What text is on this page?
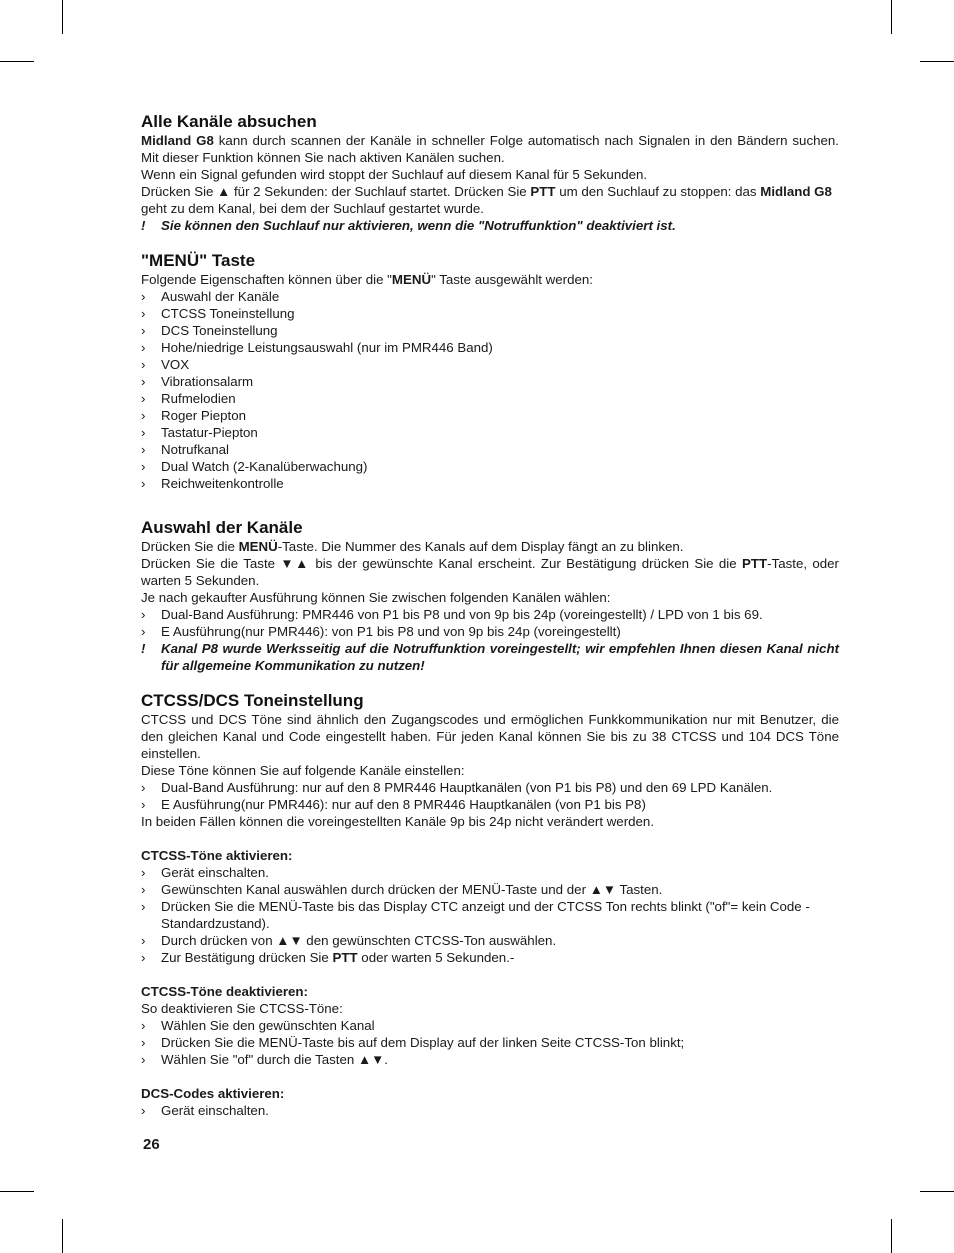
Alle Kanäle absuchen

Midland G8 kann durch scannen der Kanäle in schneller Folge automatisch nach Signalen in den Bändern suchen. Mit dieser Funktion können Sie nach aktiven Kanälen suchen.

Wenn ein Signal gefunden wird stoppt der Suchlauf auf diesem Kanal für 5 Sekunden.

Drücken Sie ▲ für 2 Sekunden: der Suchlauf startet. Drücken Sie PTT um den Suchlauf zu stoppen: das Midland G8 geht zu dem Kanal, bei dem der Suchlauf gestartet wurde.

! Sie können den Suchlauf nur aktivieren, wenn die "Notruffunktion" deaktiviert ist.

"MENÜ" Taste

Folgende Eigenschaften können über die "MENÜ" Taste ausgewählt werden:

› Auswahl der Kanäle
› CTCSS Toneinstellung
› DCS Toneinstellung
› Hohe/niedrige Leistungsauswahl (nur im PMR446 Band)
› VOX
› Vibrationsalarm
› Rufmelodien
› Roger Piepton
› Tastatur-Piepton
› Notrufkanal
› Dual Watch (2-Kanalüberwachung)
› Reichweitenkontrolle
Auswahl der Kanäle

Drücken Sie die MENÜ-Taste. Die Nummer des Kanals auf dem Display fängt an zu blinken.

Drücken Sie die Taste ▼▲ bis der gewünschte Kanal erscheint. Zur Bestätigung drücken Sie die PTT-Taste, oder warten 5 Sekunden.

Je nach gekaufter Ausführung können Sie zwischen folgenden Kanälen wählen:

› Dual-Band Ausführung: PMR446 von P1 bis P8 und von 9p bis 24p (voreingestellt) / LPD von 1 bis 69.
› E Ausführung(nur PMR446): von P1 bis P8 und von 9p bis 24p (voreingestellt)

! Kanal P8 wurde Werksseitig auf die Notruffunktion voreingestellt; wir empfehlen Ihnen diesen Kanal nicht für allgemeine Kommunikation zu nutzen!

CTCSS/DCS Toneinstellung

CTCSS und DCS Töne sind ähnlich den Zugangscodes und ermöglichen Funkkommunikation nur mit Benutzer, die den gleichen Kanal und Code eingestellt haben. Für jeden Kanal können Sie bis zu 38 CTCSS und 104 DCS Töne einstellen.

Diese Töne können Sie auf folgende Kanäle einstellen:

› Dual-Band Ausführung: nur auf den 8 PMR446 Hauptkanälen (von P1 bis P8) und den 69 LPD Kanälen.
› E Ausführung(nur PMR446): nur auf den 8 PMR446 Hauptkanälen (von P1 bis P8)

In beiden Fällen können die voreingestellten Kanäle 9p bis 24p nicht verändert werden.

CTCSS-Töne aktivieren:

› Gerät einschalten.
› Gewünschten Kanal auswählen durch drücken der MENÜ-Taste und der ▲▼ Tasten.
› Drücken Sie die MENÜ-Taste bis das Display CTC anzeigt und der CTCSS Ton rechts blinkt ("of"= kein Code - Standardzustand).
› Durch drücken von ▲▼ den gewünschten CTCSS-Ton auswählen.
› Zur Bestätigung drücken Sie PTT oder warten 5 Sekunden.-

CTCSS-Töne deaktivieren:

So deaktivieren Sie CTCSS-Töne:

› Wählen Sie den gewünschten Kanal
› Drücken Sie die MENÜ-Taste bis auf dem Display auf der linken Seite CTCSS-Ton blinkt;
› Wählen Sie "of" durch die Tasten ▲▼.

DCS-Codes aktivieren:

› Gerät einschalten.
26
